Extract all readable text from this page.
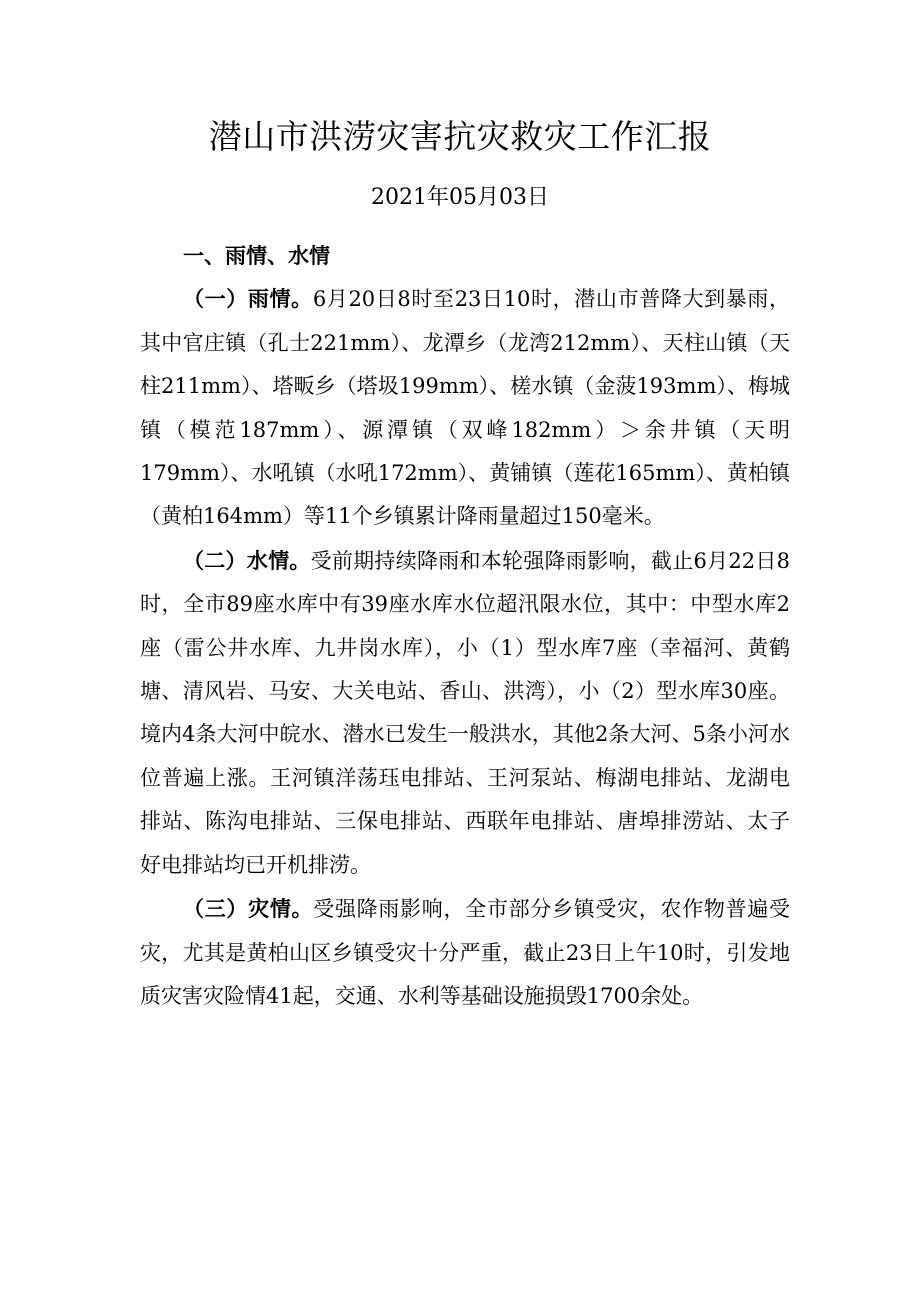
潜山市洪涝灾害抗灾救灾工作汇报
2021年05月03日

一、雨情、水情

（一）雨情。6月20日8时至23日10时，潜山市普降大到暴雨，其中官庄镇（孔士221mm）、龙潭乡（龙湾212mm）、天柱山镇（天柱211mm）、塔畈乡（塔圾199mm）、槎水镇（金菠193mm）、梅城镇（模范187mm）、源潭镇（双峰182mm）＞余井镇（天明179mm）、水吼镇（水吼172mm）、黄铺镇（莲花165mm）、黄柏镇（黄柏164mm）等11个乡镇累计降雨量超过150毫米。

（二）水情。受前期持续降雨和本轮强降雨影响，截止6月22日8时，全市89座水库中有39座水库水位超汛限水位，其中：中型水库2座（雷公井水库、九井岗水库），小（1）型水库7座（幸福河、黄鹤塘、清风岩、马安、大关电站、香山、洪湾），小（2）型水库30座。境内4条大河中皖水、潜水已发生一般洪水，其他2条大河、5条小河水位普遍上涨。王河镇洋荡珏电排站、王河泵站、梅湖电排站、龙湖电排站、陈沟电排站、三保电排站、西联年电排站、唐埠排涝站、太子好电排站均已开机排涝。

（三）灾情。受强降雨影响，全市部分乡镇受灾，农作物普遍受灾，尤其是黄柏山区乡镇受灾十分严重，截止23日上午10时，引发地质灾害灾险情41起，交通、水利等基础设施损毁1700余处。
